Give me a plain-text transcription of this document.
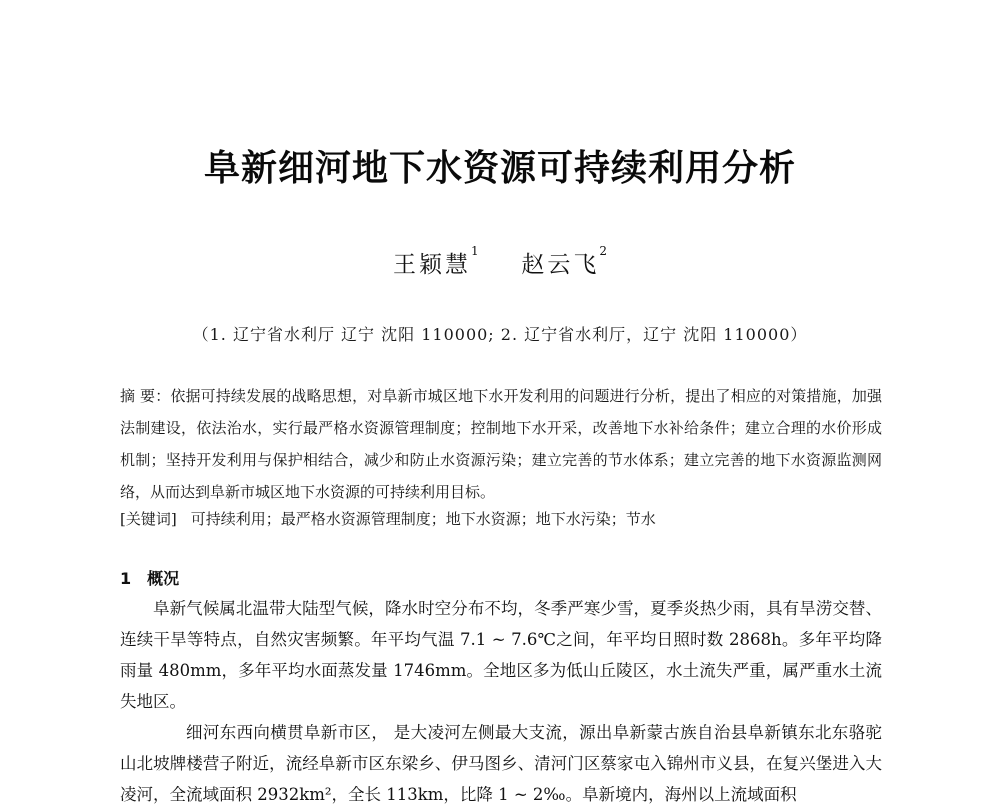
阜新细河地下水资源可持续利用分析
王颖慧$^1$  赵云飞$^2$
（1. 辽宁省水利厅 辽宁 沈阳 110000; 2. 辽宁省水利厅，辽宁 沈阳 110000）
摘 要：依据可持续发展的战略思想，对阜新市城区地下水开发利用的问题进行分析，提出了相应的对策措施，加强法制建设，依法治水，实行最严格水资源管理制度；控制地下水开采，改善地下水补给条件；建立合理的水价形成机制；坚持开发利用与保护相结合，减少和防止水资源污染；建立完善的节水体系；建立完善的地下水资源监测网络，从而达到阜新市城区地下水资源的可持续利用目标。
[关键词] 可持续利用；最严格水资源管理制度；地下水资源；地下水污染；节水
1 概况

阜新气候属北温带大陆型气候，降水时空分布不均，冬季严寒少雪，夏季炎热少雨，具有旱涝交替、连续干旱等特点，自然灾害频繁。年平均气温 7.1 ~ 7.6℃之间，年平均日照时数 2868h。多年平均降雨量 480mm，多年平均水面蒸发量 1746mm。全地区多为低山丘陵区，水土流失严重，属严重水土流失地区。

细河东西向横贯阜新市区， 是大凌河左侧最大支流，源出阜新蒙古族自治县阜新镇东北东骆驼山北坡牌楼营子附近，流经阜新市区东梁乡、伊马图乡、清河门区蔡家屯入锦州市义县，在复兴堡进入大凌河，全流域面积 2932km²，全长 113km，比降 1 ~ 2‰。阜新境内，海州以上流域面积
